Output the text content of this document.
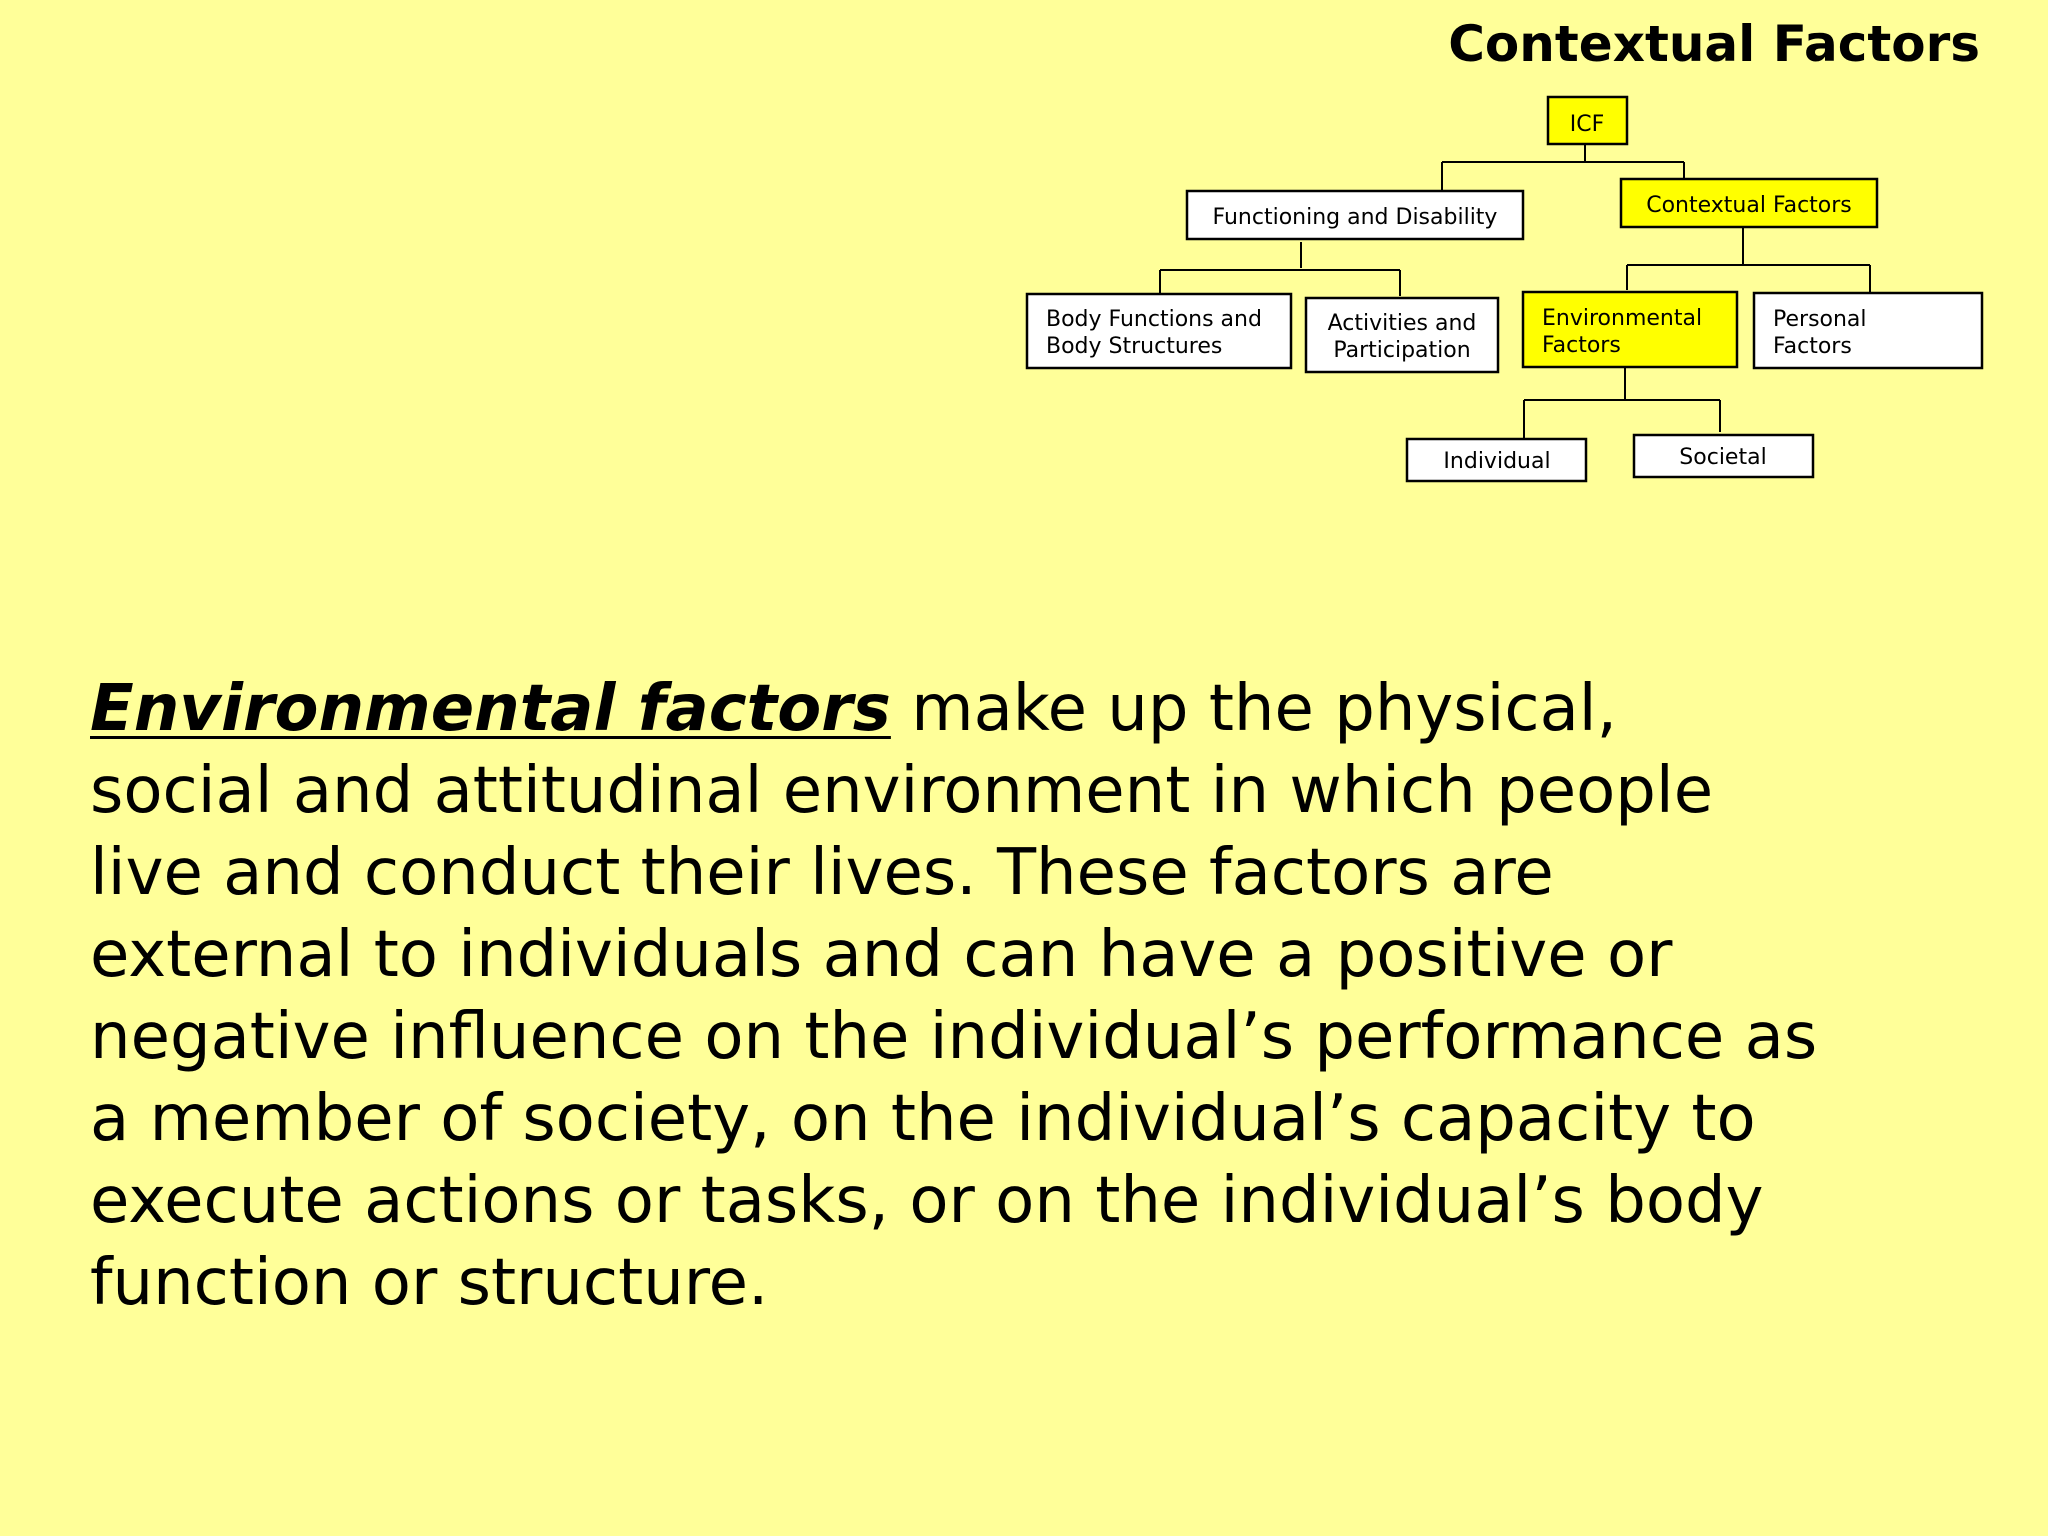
Contextual Factors
ICF
Functioning and Disability	Contextual Factors
Body Functions and Body Structures
Activities and Participation
Environmental Factors
Personal Factors
Individual	Societal

Environmental factors make up the physical,
social and attitudinal environment in which people
live and conduct their lives. These factors are
external to individuals and can have a positive or
negative influence on the individual’s performance as
a member of society, on the individual’s capacity to
execute actions or tasks, or on the individual’s body
function or structure.
